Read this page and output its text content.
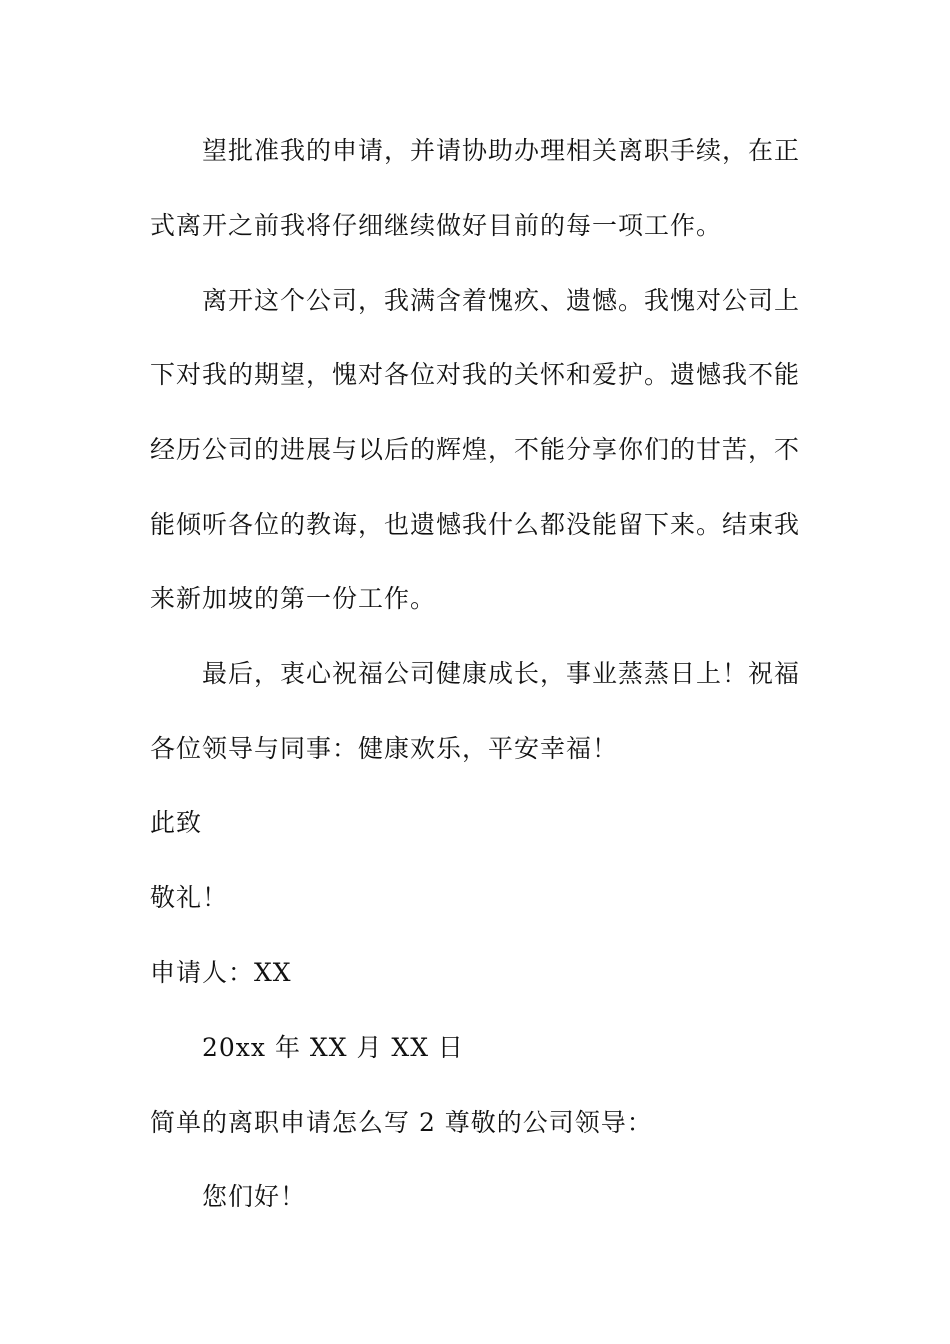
望批准我的申请，并请协助办理相关离职手续，在正
式离开之前我将仔细继续做好目前的每一项工作。
离开这个公司，我满含着愧疚、遗憾。我愧对公司上
下对我的期望，愧对各位对我的关怀和爱护。遗憾我不能
经历公司的进展与以后的辉煌，不能分享你们的甘苦，不
能倾听各位的教诲，也遗憾我什么都没能留下来。结束我
来新加坡的第一份工作。
最后，衷心祝福公司健康成长，事业蒸蒸日上！祝福
各位领导与同事：健康欢乐，平安幸福！
此致
敬礼！
申请人：XX
20xx 年 XX 月 XX 日
简单的离职申请怎么写 2 尊敬的公司领导：
您们好！
